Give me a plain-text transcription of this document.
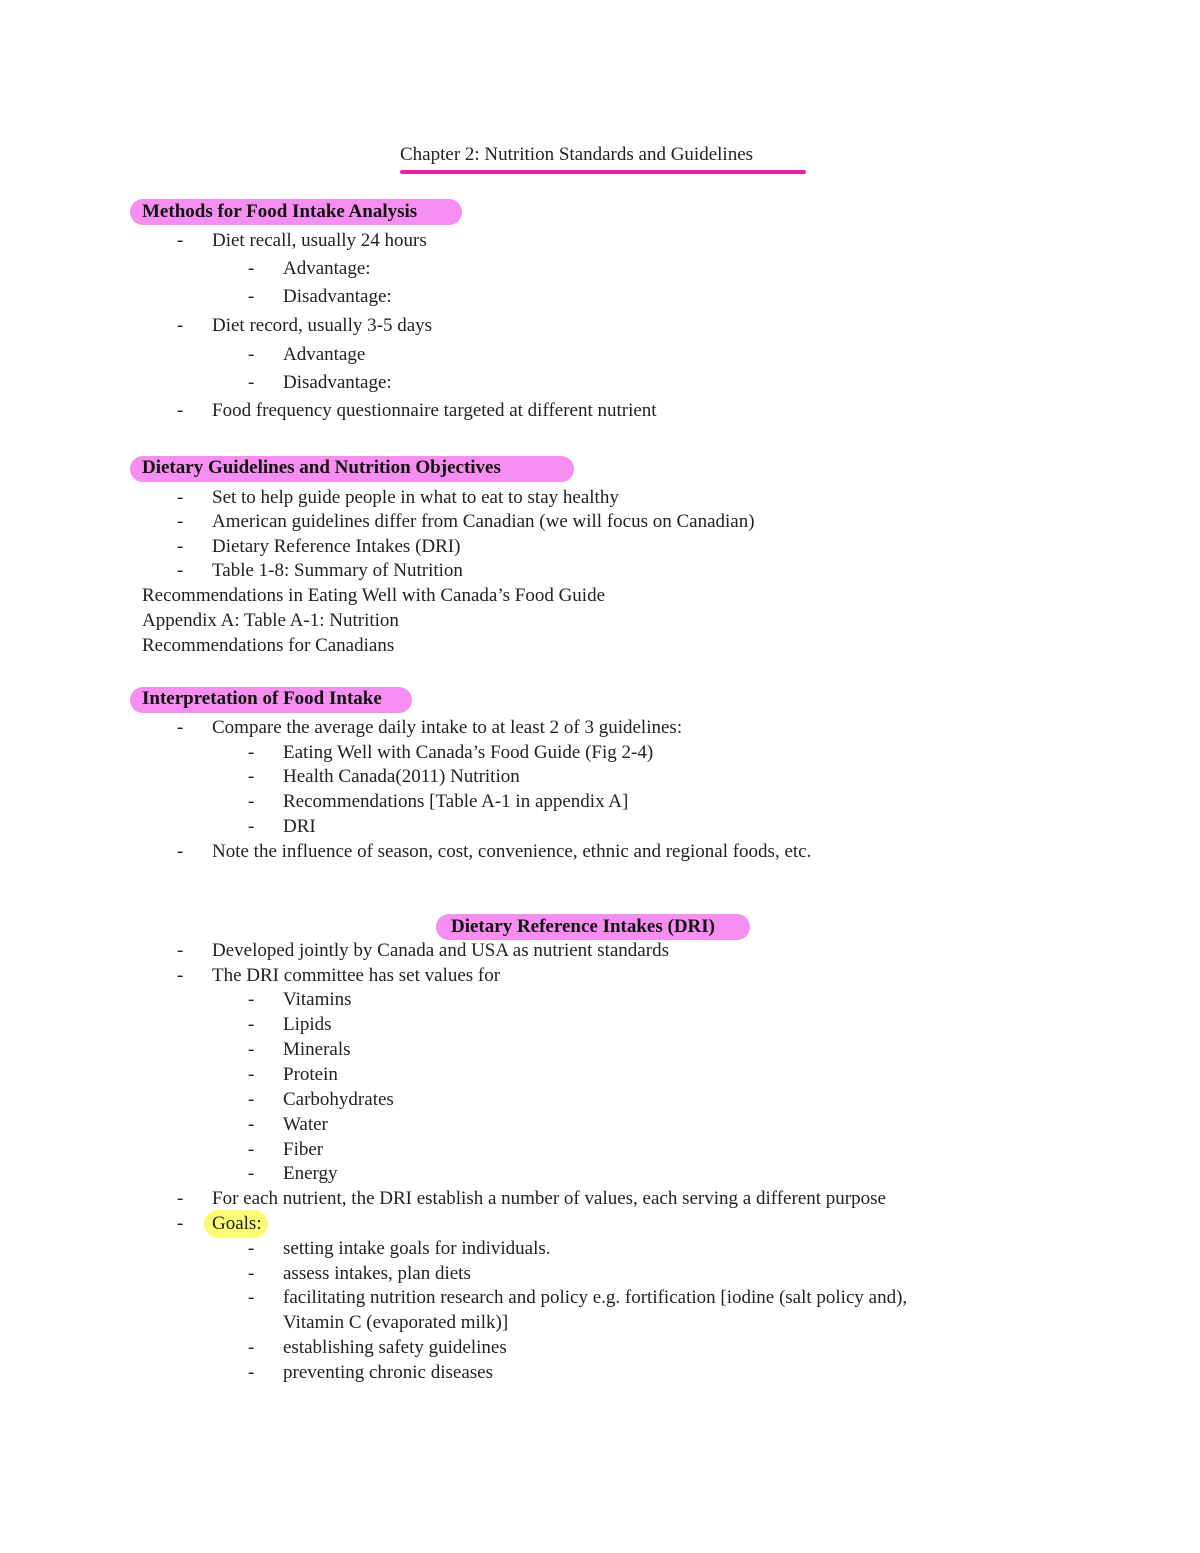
Chapter 2: Nutrition Standards and Guidelines
Methods for Food Intake Analysis
- Diet recall, usually 24 hours
- Advantage:
- Disadvantage:
- Diet record, usually 3-5 days
- Advantage
- Disadvantage:
- Food frequency questionnaire targeted at different nutrient
Dietary Guidelines and Nutrition Objectives
- Set to help guide people in what to eat to stay healthy
- American guidelines differ from Canadian (we will focus on Canadian)
- Dietary Reference Intakes (DRI)
- Table 1-8: Summary of Nutrition
Recommendations in Eating Well with Canada’s Food Guide
Appendix A: Table A-1: Nutrition
Recommendations for Canadians
Interpretation of Food Intake
- Compare the average daily intake to at least 2 of 3 guidelines:
- Eating Well with Canada’s Food Guide (Fig 2-4)
- Health Canada(2011) Nutrition
- Recommendations [Table A-1 in appendix A]
- DRI
- Note the influence of season, cost, convenience, ethnic and regional foods, etc.
Dietary Reference Intakes (DRI)
- Developed jointly by Canada and USA as nutrient standards
- The DRI committee has set values for
- Vitamins
- Lipids
- Minerals
- Protein
- Carbohydrates
- Water
- Fiber
- Energy
- For each nutrient, the DRI establish a number of values, each serving a different purpose
- Goals:
- setting intake goals for individuals.
- assess intakes, plan diets
- facilitating nutrition research and policy e.g. fortification [iodine (salt policy and),
Vitamin C (evaporated milk)]
- establishing safety guidelines
- preventing chronic diseases
